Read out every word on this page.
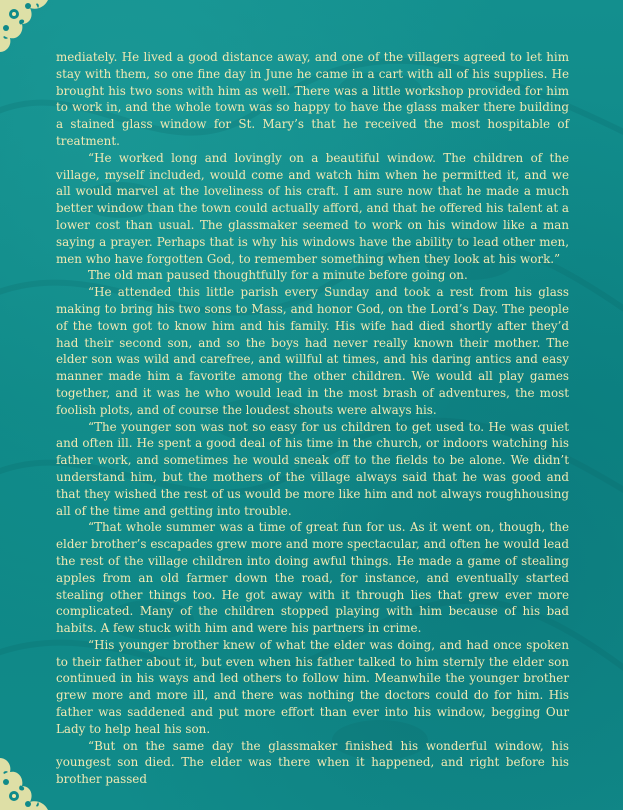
mediately. He lived a good distance away, and one of the villagers agreed to let him stay with them, so one fine day in June he came in a cart with all of his supplies. He brought his two sons with him as well. There was a little workshop provided for him to work in, and the whole town was so happy to have the glass maker there building a stained glass window for St. Mary’s that he received the most hospitable of treatment.

“He worked long and lovingly on a beautiful window. The children of the village, myself included, would come and watch him when he permitted it, and we all would marvel at the loveliness of his craft. I am sure now that he made a much better window than the town could actually afford, and that he offered his talent at a lower cost than usual. The glassmaker seemed to work on his window like a man saying a prayer. Perhaps that is why his windows have the ability to lead other men, men who have forgotten God, to remember something when they look at his work.”

The old man paused thoughtfully for a minute before going on.

“He attended this little parish every Sunday and took a rest from his glass making to bring his two sons to Mass, and honor God, on the Lord’s Day. The people of the town got to know him and his family. His wife had died shortly after they’d had their second son, and so the boys had never really known their mother. The elder son was wild and carefree, and willful at times, and his daring antics and easy manner made him a favorite among the other children. We would all play games together, and it was he who would lead in the most brash of adventures, the most foolish plots, and of course the loudest shouts were always his.

“The younger son was not so easy for us children to get used to. He was quiet and often ill. He spent a good deal of his time in the church, or indoors watching his father work, and sometimes he would sneak off to the fields to be alone. We didn’t understand him, but the mothers of the village always said that he was good and that they wished the rest of us would be more like him and not always roughhousing all of the time and getting into trouble.

“That whole summer was a time of great fun for us. As it went on, though, the elder brother’s escapades grew more and more spectacular, and often he would lead the rest of the village children into doing awful things. He made a game of stealing apples from an old farmer down the road, for instance, and eventually started stealing other things too. He got away with it through lies that grew ever more complicated. Many of the children stopped playing with him because of his bad habits. A few stuck with him and were his partners in crime.

“His younger brother knew of what the elder was doing, and had once spoken to their father about it, but even when his father talked to him sternly the elder son continued in his ways and led others to follow him. Meanwhile the younger brother grew more and more ill, and there was nothing the doctors could do for him. His father was saddened and put more effort than ever into his window, begging Our Lady to help heal his son.

“But on the same day the glassmaker finished his wonderful window, his youngest son died. The elder was there when it happened, and right before his brother passed
